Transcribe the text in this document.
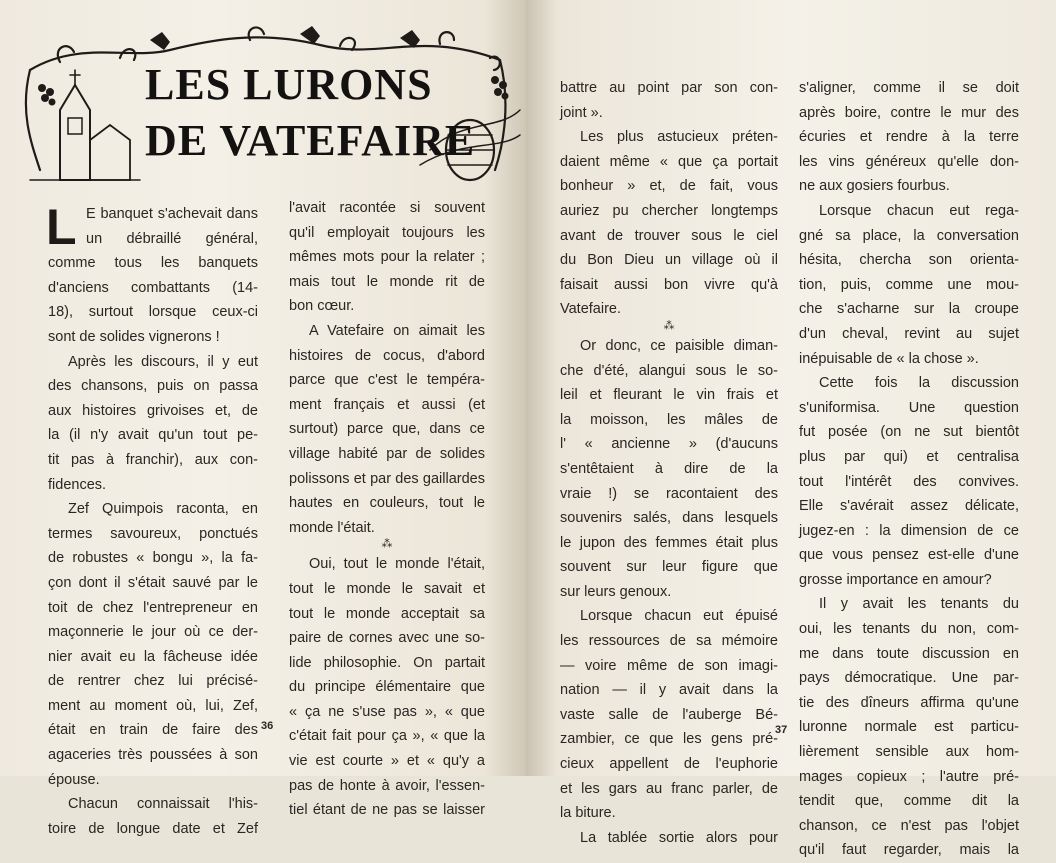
LES LURONS
DE VATEFAIRE
L E banquet s'achevait dans
un débraillé général,
comme tous les banquets
d'anciens combattants (14-
18), surtout lorsque ceux-ci
sont de solides vignerons !
Après les discours, il y eut
des chansons, puis on passa
aux histoires grivoises et, de
la (il n'y avait qu'un tout pe-
tit pas à franchir), aux con-
fidences.
Zef Quimpois raconta, en
termes savoureux, ponctués
de robustes « bongu », la fa-
çon dont il s'était sauvé par le
toit de chez l'entrepreneur en
maçonnerie le jour où ce der-
nier avait eu la fâcheuse idée
de rentrer chez lui précisé-
ment au moment où, lui, Zef,
était en train de faire des
agaceries très poussées à son
épouse.
Chacun connaissait l'his-
toire de longue date et Zef
l'avait racontée si souvent
qu'il employait toujours les
mêmes mots pour la relater ;
mais tout le monde rit de
bon cœur.
A Vatefaire on aimait les
histoires de cocus, d'abord
parce que c'est le tempéra-
ment français et aussi (et
surtout) parce que, dans ce
village habité par de solides
polissons et par des gaillardes
hautes en couleurs, tout le
monde l'était.
⁂
Oui, tout le monde l'était,
tout le monde le savait et
tout le monde acceptait sa
paire de cornes avec une so-
lide philosophie. On partait
du principe élémentaire que
« ça ne s'use pas », « que
c'était fait pour ça », « que la
vie est courte » et « qu'y a
pas de honte à avoir, l'essen-
tiel étant de ne pas se laisser
36
battre au point par son con-
joint ».
Les plus astucieux préten-
daient même « que ça portait
bonheur » et, de fait, vous
auriez pu chercher longtemps
avant de trouver sous le ciel
du Bon Dieu un village où il
faisait aussi bon vivre qu'à
Vatefaire.
⁂
Or donc, ce paisible diman-
che d'été, alangui sous le so-
leil et fleurant le vin frais et
la moisson, les mâles de
l' « ancienne » (d'aucuns
s'entêtaient à dire de la
vraie !) se racontaient des
souvenirs salés, dans lesquels
le jupon des femmes était plus
souvent sur leur figure que
sur leurs genoux.
Lorsque chacun eut épuisé
les ressources de sa mémoire
— voire même de son imagi-
nation — il y avait dans la
vaste salle de l'auberge Bé-
zambier, ce que les gens pré-
cieux appellent de l'euphorie
et les gars au franc parler, de
la biture.
La tablée sortie alors pour
s'aligner, comme il se doit
après boire, contre le mur des
écuries et rendre à la terre
les vins généreux qu'elle don-
ne aux gosiers fourbus.
Lorsque chacun eut rega-
gné sa place, la conversation
hésita, chercha son orienta-
tion, puis, comme une mou-
che s'acharne sur la croupe
d'un cheval, revint au sujet
inépuisable de « la chose ».
Cette fois la discussion
s'uniformisa. Une question
fut posée (on ne sut bientôt
plus par qui) et centralisa
tout l'intérêt des convives.
Elle s'avérait assez délicate,
jugez-en : la dimension de ce
que vous pensez est-elle d'une
grosse importance en amour?
Il y avait les tenants du
oui, les tenants du non, com-
me dans toute discussion en
pays démocratique. Une par-
tie des dîneurs affirma qu'une
luronne normale est particu-
lièrement sensible aux hom-
mages copieux ; l'autre pré-
tendit que, comme dit la
chanson, ce n'est pas l'objet
qu'il faut regarder, mais la
37
